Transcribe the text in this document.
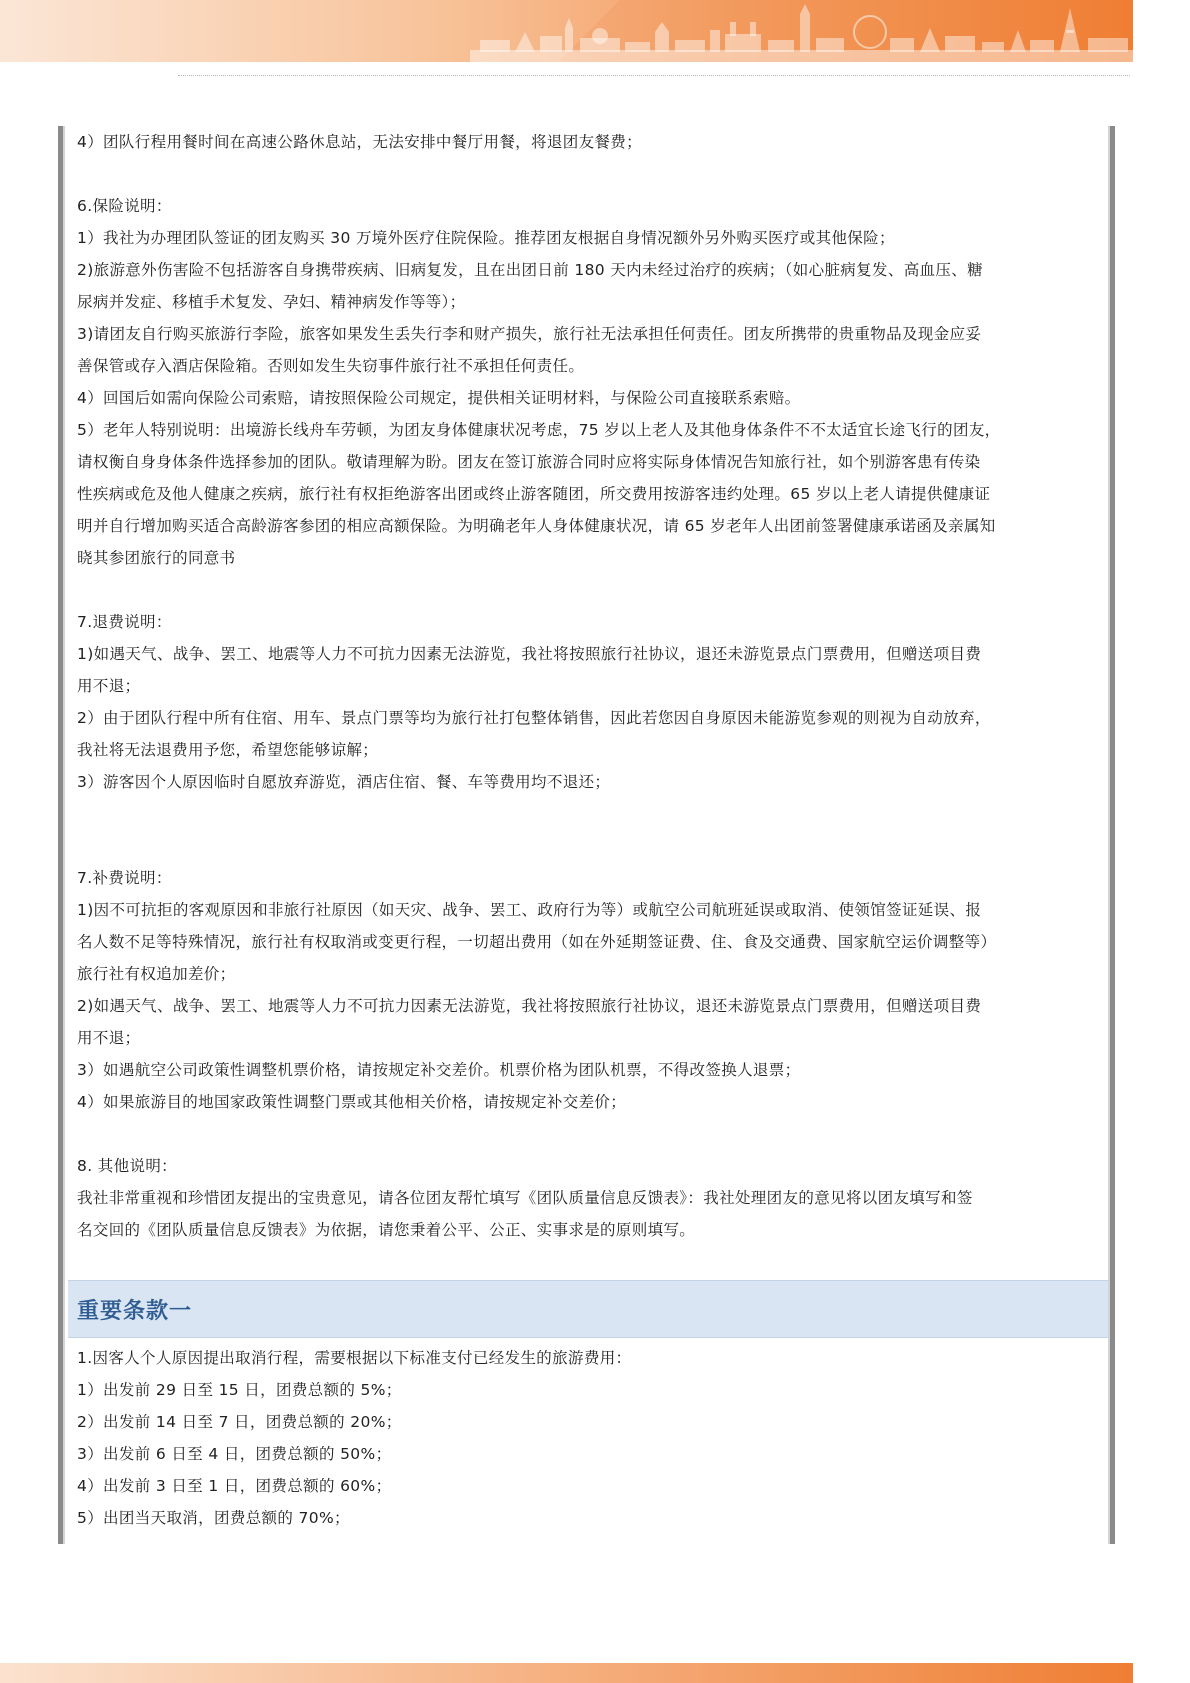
4）团队行程用餐时间在高速公路休息站，无法安排中餐厅用餐，将退团友餐费；
6.保险说明：
1）我社为办理团队签证的团友购买 30 万境外医疗住院保险。推荐团友根据自身情况额外另外购买医疗或其他保险；
2)旅游意外伤害险不包括游客自身携带疾病、旧病复发，且在出团日前 180 天内未经过治疗的疾病；（如心脏病复发、高血压、糖
尿病并发症、移植手术复发、孕妇、精神病发作等等）；
3)请团友自行购买旅游行李险，旅客如果发生丢失行李和财产损失，旅行社无法承担任何责任。团友所携带的贵重物品及现金应妥
善保管或存入酒店保险箱。否则如发生失窃事件旅行社不承担任何责任。
4）回国后如需向保险公司索赔，请按照保险公司规定，提供相关证明材料，与保险公司直接联系索赔。
5）老年人特别说明：出境游长线舟车劳顿，为团友身体健康状况考虑，75 岁以上老人及其他身体条件不不太适宜长途飞行的团友，
请权衡自身身体条件选择参加的团队。敬请理解为盼。团友在签订旅游合同时应将实际身体情况告知旅行社，如个别游客患有传染
性疾病或危及他人健康之疾病，旅行社有权拒绝游客出团或终止游客随团，所交费用按游客违约处理。65 岁以上老人请提供健康证
明并自行增加购买适合高龄游客参团的相应高额保险。为明确老年人身体健康状况，请 65 岁老年人出团前签署健康承诺函及亲属知
晓其参团旅行的同意书
7.退费说明：
1)如遇天气、战争、罢工、地震等人力不可抗力因素无法游览，我社将按照旅行社协议，退还未游览景点门票费用，但赠送项目费
用不退；
2）由于团队行程中所有住宿、用车、景点门票等均为旅行社打包整体销售，因此若您因自身原因未能游览参观的则视为自动放弃，
我社将无法退费用予您，希望您能够谅解；
3）游客因个人原因临时自愿放弃游览，酒店住宿、餐、车等费用均不退还；
7.补费说明：
1)因不可抗拒的客观原因和非旅行社原因（如天灾、战争、罢工、政府行为等）或航空公司航班延误或取消、使领馆签证延误、报
名人数不足等特殊情况，旅行社有权取消或变更行程，一切超出费用（如在外延期签证费、住、食及交通费、国家航空运价调整等）
旅行社有权追加差价；
2)如遇天气、战争、罢工、地震等人力不可抗力因素无法游览，我社将按照旅行社协议，退还未游览景点门票费用，但赠送项目费
用不退；
3）如遇航空公司政策性调整机票价格，请按规定补交差价。机票价格为团队机票，不得改签换人退票；
4）如果旅游目的地国家政策性调整门票或其他相关价格，请按规定补交差价；
8. 其他说明：
我社非常重视和珍惜团友提出的宝贵意见，请各位团友帮忙填写《团队质量信息反馈表》：我社处理团友的意见将以团友填写和签
名交回的《团队质量信息反馈表》为依据，请您秉着公平、公正、实事求是的原则填写。
重要条款一
1.因客人个人原因提出取消行程，需要根据以下标准支付已经发生的旅游费用：
1）出发前 29 日至 15 日，团费总额的 5%；
2）出发前 14 日至 7 日，团费总额的 20%；
3）出发前 6 日至 4 日，团费总额的 50%；
4）出发前 3 日至 1 日，团费总额的 60%；
5）出团当天取消，团费总额的 70%；
